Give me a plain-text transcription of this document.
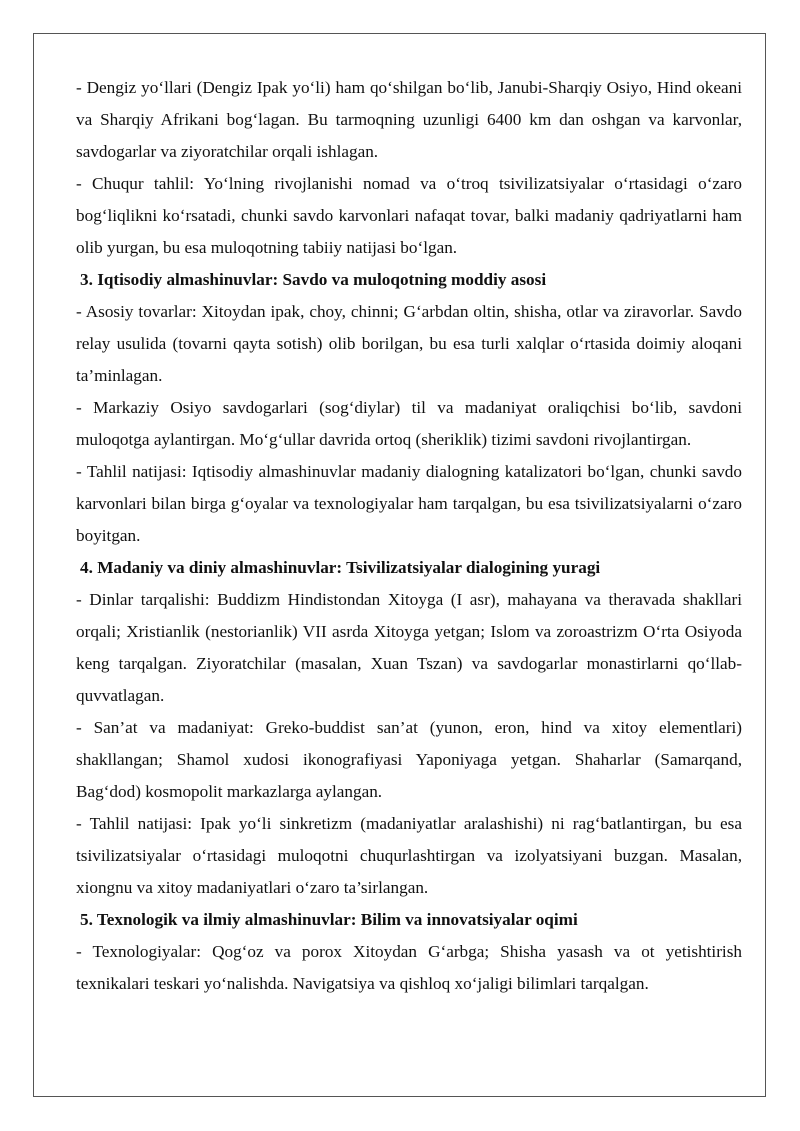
- Dengiz yo‘llari (Dengiz Ipak yo‘li) ham qo‘shilgan bo‘lib, Janubi-Sharqiy Osiyo, Hind okeani va Sharqiy Afrikani bog‘lagan. Bu tarmoqning uzunligi 6400 km dan oshgan va karvonlar, savdogarlar va ziyoratchilar orqali ishlagan.

- Chuqur tahlil: Yo‘lning rivojlanishi nomad va o‘troq tsivilizatsiyalar o‘rtasidagi o‘zaro bog‘liqlikni ko‘rsatadi, chunki savdo karvonlari nafaqat tovar, balki madaniy qadriyatlarni ham olib yurgan, bu esa muloqotning tabiiy natijasi bo‘lgan.

3. Iqtisodiy almashinuvlar: Savdo va muloqotning moddiy asosi

- Asosiy tovarlar: Xitoydan ipak, choy, chinni; G‘arbdan oltin, shisha, otlar va ziravorlar. Savdo relay usulida (tovarni qayta sotish) olib borilgan, bu esa turli xalqlar o‘rtasida doimiy aloqani ta’minlagan.

- Markaziy Osiyo savdogarlari (sog‘diylar) til va madaniyat oraliqchisi bo‘lib, savdoni muloqotga aylantirgan. Mo‘g‘ullar davrida ortoq (sheriklik) tizimi savdoni rivojlantirgan.

- Tahlil natijasi: Iqtisodiy almashinuvlar madaniy dialogning katalizatori bo‘lgan, chunki savdo karvonlari bilan birga g‘oyalar va texnologiyalar ham tarqalgan, bu esa tsivilizatsiyalarni o‘zaro boyitgan.

4. Madaniy va diniy almashinuvlar: Tsivilizatsiyalar dialogining yuragi

- Dinlar tarqalishi: Buddizm Hindistondan Xitoyga (I asr), mahayana va theravada shakllari orqali; Xristianlik (nestorianlik) VII asrda Xitoyga yetgan; Islom va zoroastrizm O‘rta Osiyoda keng tarqalgan. Ziyoratchilar (masalan, Xuan Tszan) va savdogarlar monastirlarni qo‘llab-quvvatlagan.

- San’at va madaniyat: Greko-buddist san’at (yunon, eron, hind va xitoy elementlari) shakllangan; Shamol xudosi ikonografiyasi Yaponiyaga yetgan. Shaharlar (Samarqand, Bag‘dod) kosmopolit markazlarga aylangan.

- Tahlil natijasi: Ipak yo‘li sinkretizm (madaniyatlar aralashishi) ni rag‘batlantirgan, bu esa tsivilizatsiyalar o‘rtasidagi muloqotni chuqurlashtirgan va izolyatsiyani buzgan. Masalan, xiongnu va xitoy madaniyatlari o‘zaro ta’sirlangan.

5. Texnologik va ilmiy almashinuvlar: Bilim va innovatsiyalar oqimi

- Texnologiyalar: Qog‘oz va porox Xitoydan G‘arbga; Shisha yasash va ot yetishtirish texnikalari teskari yo‘nalishda. Navigatsiya va qishloq xo‘jaligi bilimlari tarqalgan.
